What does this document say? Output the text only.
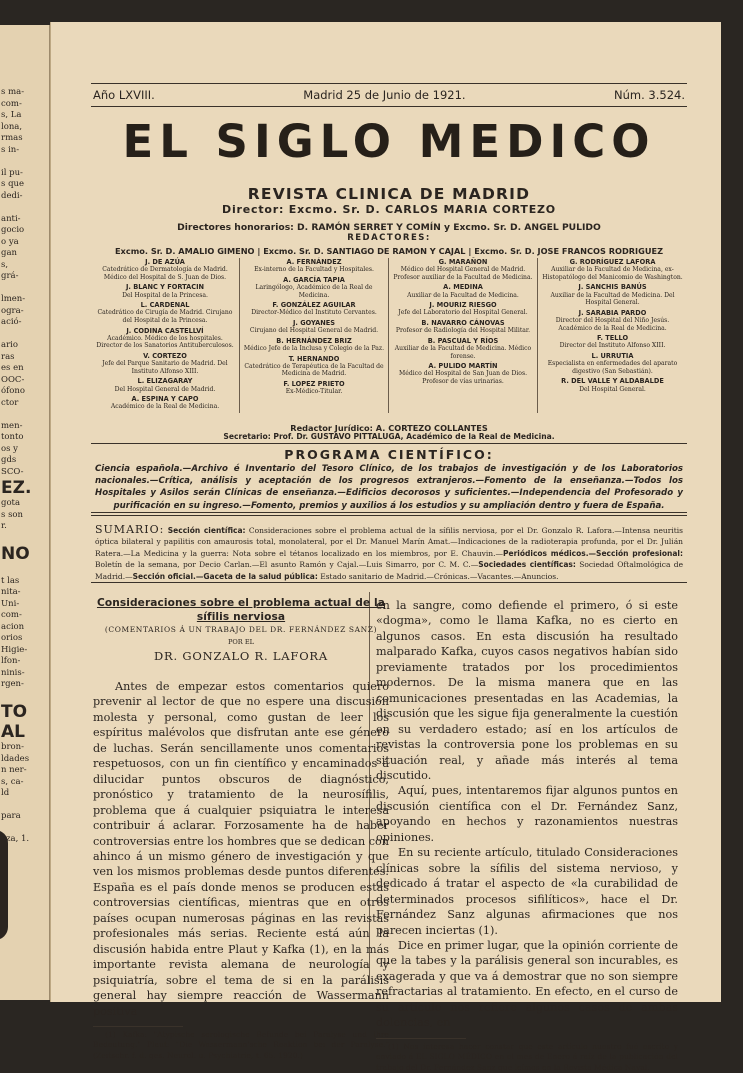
s ma-
com-
s, La
lona,
rmas
s in-

il pu-
s que
dedi-

anti-
gocio
o ya
gan
s,
grá-

lmen-
ogra-
ació-

ario
ras
es en
OOC-
ófono
ctor

men-
tonto
os y
gds
SCO-
EZ.
gota
s son
r.

NO

t las
nita-
Uni-
com-
acion
orios
Higie-
lfon-
ninis-
rgen-

TO
AL
bron-
ldades
n ner-
s, ca-
ld

para

eza, 1.
Año LXVIII.	Madrid 25 de Junio de 1921.	Núm. 3.524.
EL SIGLO MEDICO
REVISTA CLINICA DE MADRID
Director: Excmo. Sr. D. CARLOS MARIA CORTEZO
Directores honorarios: D. RAMÓN SERRET Y COMÍN y Excmo. Sr. D. ANGEL PULIDO
REDACTORES:
Excmo. Sr. D. AMALIO GIMENO | Excmo. Sr. D. SANTIAGO DE RAMON Y CAJAL | Excmo. Sr. D. JOSE FRANCOS RODRIGUEZ
J. DE AZÚA
Catedrático de Dermatología de Madrid. Médico del Hospital de S. Juan de Dios.
J. BLANC Y FORTACIN
Del Hospital de la Princesa.
L. CARDENAL
Catedrático de Cirugía de Madrid. Cirujano del Hospital de la Princesa.
J. CODINA CASTELLVÍ
Académico. Médico de los hospitales. Director de los Sanatorios Antituberculosos.
V. CORTEZO
Jefe del Parque Sanitario de Madrid. Del Instituto Alfonso XIII.
L. ELIZAGARAY
Del Hospital General de Madrid.
A. ESPINA Y CAPO
Académico de la Real de Medicina.
A. FERNÁNDEZ
Ex-interno de la Facultad y Hospitales.
A. GARCÍA TAPIA
Laringólogo, Académico de la Real de Medicina.
F. GONZÁLEZ AGUILAR
Director-Médico del Instituto Cervantes.
J. GOYANES
Cirujano del Hospital General de Madrid.
B. HERNÁNDEZ BRIZ
Médico Jefe de la Inclusa y Colegio de la Paz.
T. HERNANDO
Catedrático de Terapéutica de la Facultad de Medicina de Madrid.
F. LOPEZ PRIETO
Ex-Médico-Titular.
G. MARAÑON
Médico del Hospital General de Madrid. Profesor auxiliar de la Facultad de Medicina.
A. MEDINA
Auxiliar de la Facultad de Medicina.
J. MOURIZ RIESGO
Jefe del Laboratorio del Hospital General.
B. NAVARRO CÁNOVAS
Profesor de Radiología del Hospital Militar.
B. PASCUAL Y RÍOS
Auxiliar de la Facultad de Medicina. Médico forense.
A. PULIDO MARTÍN
Médico del Hospital de San Juan de Dios. Profesor de vías urinarias.
G. RODRÍGUEZ LAFORA
Auxiliar de la Facultad de Medicina, ex-Histopatólogo del Manicomio de Washington.
J. SANCHIS BANÚS
Auxiliar de la Facultad de Medicina. Del Hospital General.
J. SARABIA PARDO
Director del Hospital del Niño Jesús. Académico de la Real de Medicina.
F. TELLO
Director del Instituto Alfonso XIII.
L. URRUTIA
Especialista en enfermedades del aparato digestivo (San Sebastián).
R. DEL VALLE Y ALDABALDE
Del Hospital General.
Redactor Jurídico: A. CORTEZO COLLANTES
Secretario: Prof. Dr. GUSTAVO PITTALUGA, Académico de la Real de Medicina.
PROGRAMA CIENTÍFICO:
Ciencia española.—Archivo é Inventario del Tesoro Clínico, de los trabajos de investigación y de los Laboratorios nacionales.—Crítica, análisis y aceptación de los progresos extranjeros.—Fomento de la enseñanza.—Todos los Hospitales y Asilos serán Clínicas de enseñanza.—Edificios decorosos y suficientes.—Independencia del Profesorado y purificación en su ingreso.—Fomento, premios y auxilios á los estudios y su ampliación dentro y fuera de España.
SUMARIO: Sección científica: Consideraciones sobre el problema actual de la sífilis nerviosa, por el Dr. Gonzalo R. Lafora.—Intensa neuritis óptica bilateral y papilitis con amaurosis total, monolateral, por el Dr. Manuel Marín Amat.—Indicaciones de la radioterapia profunda, por el Dr. Julián Ratera.—La Medicina y la guerra: Nota sobre el tétanos localizado en los miembros, por E. Chauvin.—Periódicos médicos.—Sección profesional: Boletín de la semana, por Decio Carlan.—El asunto Ramón y Cajal.—Luis Simarro, por C. M. C.—Sociedades científicas: Sociedad Oftalmológica de Madrid.—Sección oficial.—Gaceta de la salud pública: Estado sanitario de Madrid.—Crónicas.—Vacantes.—Anuncios.
Consideraciones sobre el problema actual de la sífilis nerviosa
(COMENTARIOS Á UN TRABAJO DEL DR. FERNÁNDEZ SANZ)
POR EL
DR. GONZALO R. LAFORA

Antes de empezar estos comentarios quiero prevenir al lector de que no espere una discusión molesta y personal, como gustan de leer los espíritus malévolos que disfrutan ante ese género de luchas. Serán sencillamente unos comentarios respetuosos, con un fin científico y encaminados á dilucidar puntos obscuros de diagnóstico, pronóstico y tratamiento de la neurosífilis, problema que á cualquier psiquiatra le interesa contribuir á aclarar. Forzosamente ha de haber controversias entre los hombres que se dedican con ahinco á un mismo género de investigación y que ven los mismos problemas desde puntos diferentes. España es el país donde menos se producen estas controversias científicas, mientras que en otros países ocupan numerosas páginas en las revistas profesionales más serias. Reciente está aún la discusión habida entre Plaut y Kafka (1), en la más importante revista alemana de neurología y psiquiatría, sobre el tema de si en la parálisis general hay siempre reacción de Wassermann positiva

(1) Kafka: "Atypische serologische Befunde bei Paralyse und ihre Bedeutung." Plaut: "Die Wassermann'sche Reaktion bei der Paralyse." (Zeitschr. f. d. ges. Neurol. u. Psychiatrie, t. 65. 1920.)

en la sangre, como defiende el primero, ó si este «dogma», como le llama Kafka, no es cierto en algunos casos. En esta discusión ha resultado malparado Kafka, cuyos casos negativos habían sido previamente tratados por los procedimientos modernos. De la misma manera que en las comunicaciones presentadas en las Academias, la discusión que les sigue fija generalmente la cuestión en su verdadero estado; así en los artículos de revistas la controversia pone los problemas en su situación real, y añade más interés al tema discutido.

Aquí, pues, intentaremos fijar algunos puntos en discusión científica con el Dr. Fernández Sanz, apoyando en hechos y razonamientos nuestras opiniones.

En su reciente artículo, titulado Consideraciones clínicas sobre la sífilis del sistema nervioso, y dedicado á tratar el aspecto de «la curabilidad de determinados procesos sifilíticos», hace el Dr. Fernández Sanz algunas afirmaciones que nos parecen inciertas (1).

Dice en primer lugar, que la opinión corriente de que la tabes y la parálisis general son incurables, es exagerada y que va á demostrar que no son siempre refractarias al tratamiento. En efecto, en el curso de su artículo nos refiere algunos casos de ambas dolencias, en

(1) Nos interesa hacer constar que este artículo nuestro fué escrito y enviado á EL SIGLO MÉDICO en el mes de Enero á raíz de la publicación del trabajo del Dr. Fernández Sanz que leímos en la Revista Médica Naval.
